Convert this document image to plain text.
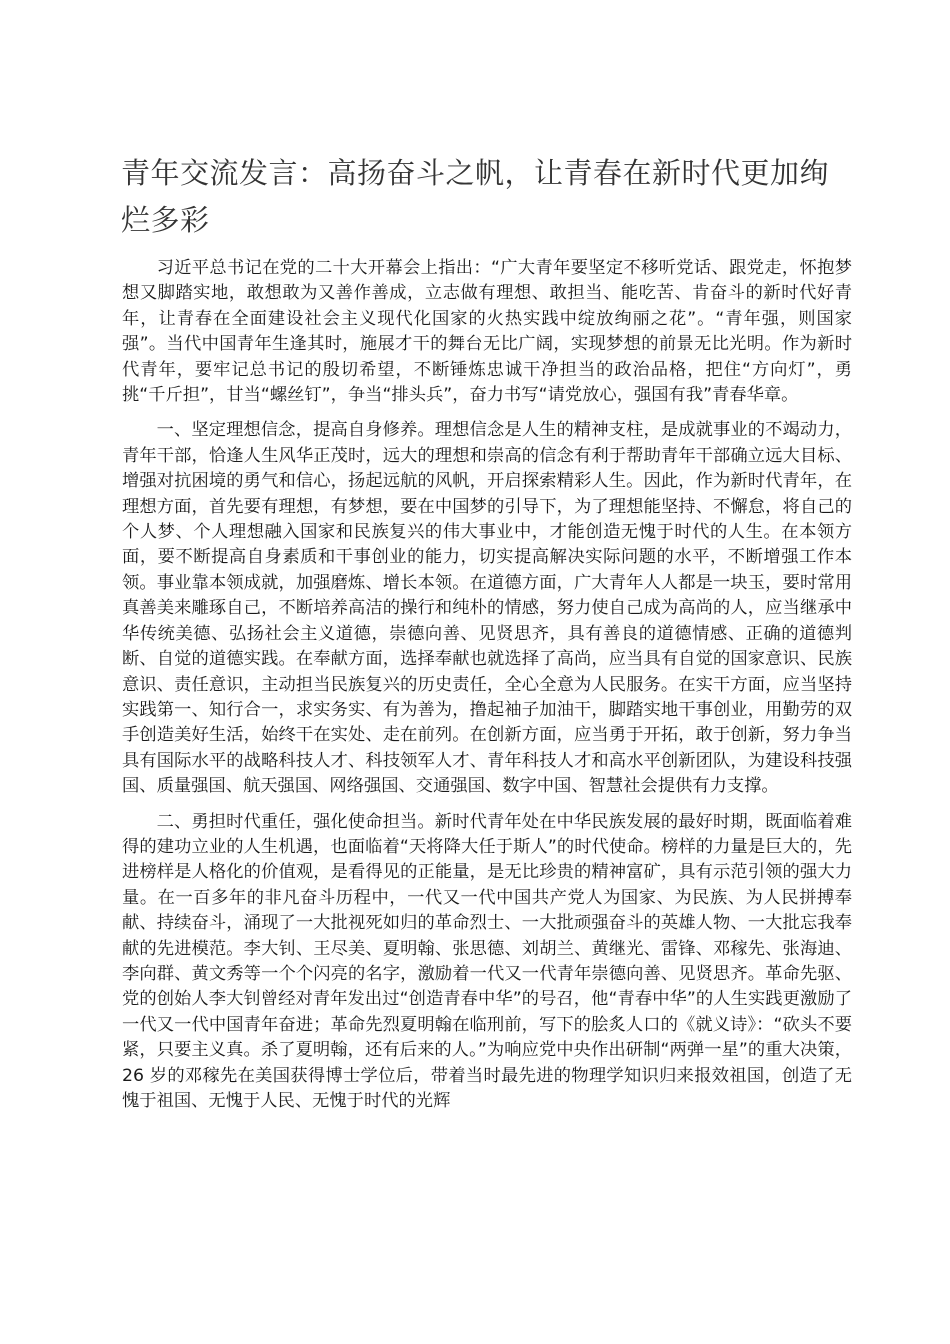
青年交流发言：高扬奋斗之帆，让青春在新时代更加绚烂多彩

习近平总书记在党的二十大开幕会上指出：“广大青年要坚定不移听党话、跟党走，怀抱梦想又脚踏实地，敢想敢为又善作善成，立志做有理想、敢担当、能吃苦、肯奋斗的新时代好青年，让青春在全面建设社会主义现代化国家的火热实践中绽放绚丽之花”。“青年强，则国家强”。当代中国青年生逢其时，施展才干的舞台无比广阔，实现梦想的前景无比光明。作为新时代青年，要牢记总书记的殷切希望，不断锤炼忠诚干净担当的政治品格，把住“方向灯”，勇挑“千斤担”，甘当“螺丝钉”，争当“排头兵”，奋力书写“请党放心，强国有我”青春华章。

一、坚定理想信念，提高自身修养。理想信念是人生的精神支柱，是成就事业的不竭动力，青年干部，恰逢人生风华正茂时，远大的理想和崇高的信念有利于帮助青年干部确立远大目标、增强对抗困境的勇气和信心，扬起远航的风帆，开启探索精彩人生。因此，作为新时代青年，在理想方面，首先要有理想，有梦想，要在中国梦的引导下，为了理想能坚持、不懈怠，将自己的个人梦、个人理想融入国家和民族复兴的伟大事业中，才能创造无愧于时代的人生。在本领方面，要不断提高自身素质和干事创业的能力，切实提高解决实际问题的水平，不断增强工作本领。事业靠本领成就，加强磨炼、增长本领。在道德方面，广大青年人人都是一块玉，要时常用真善美来雕琢自己，不断培养高洁的操行和纯朴的情感，努力使自己成为高尚的人，应当继承中华传统美德、弘扬社会主义道德，崇德向善、见贤思齐，具有善良的道德情感、正确的道德判断、自觉的道德实践。在奉献方面，选择奉献也就选择了高尚，应当具有自觉的国家意识、民族意识、责任意识，主动担当民族复兴的历史责任，全心全意为人民服务。在实干方面，应当坚持实践第一、知行合一，求实务实、有为善为，撸起袖子加油干，脚踏实地干事创业，用勤劳的双手创造美好生活，始终干在实处、走在前列。在创新方面，应当勇于开拓，敢于创新，努力争当具有国际水平的战略科技人才、科技领军人才、青年科技人才和高水平创新团队，为建设科技强国、质量强国、航天强国、网络强国、交通强国、数字中国、智慧社会提供有力支撑。

二、勇担时代重任，强化使命担当。新时代青年处在中华民族发展的最好时期，既面临着难得的建功立业的人生机遇，也面临着“天将降大任于斯人”的时代使命。榜样的力量是巨大的，先进榜样是人格化的价值观，是看得见的正能量，是无比珍贵的精神富矿，具有示范引领的强大力量。在一百多年的非凡奋斗历程中，一代又一代中国共产党人为国家、为民族、为人民拼搏奉献、持续奋斗，涌现了一大批视死如归的革命烈士、一大批顽强奋斗的英雄人物、一大批忘我奉献的先进模范。李大钊、王尽美、夏明翰、张思德、刘胡兰、黄继光、雷锋、邓稼先、张海迪、李向群、黄文秀等一个个闪亮的名字，激励着一代又一代青年崇德向善、见贤思齐。革命先驱、党的创始人李大钊曾经对青年发出过“创造青春中华”的号召，他“青春中华”的人生实践更激励了一代又一代中国青年奋进；革命先烈夏明翰在临刑前，写下的脍炙人口的《就义诗》：“砍头不要紧，只要主义真。杀了夏明翰，还有后来的人。”为响应党中央作出研制“两弹一星”的重大决策，26 岁的邓稼先在美国获得博士学位后，带着当时最先进的物理学知识归来报效祖国，创造了无愧于祖国、无愧于人民、无愧于时代的光辉
